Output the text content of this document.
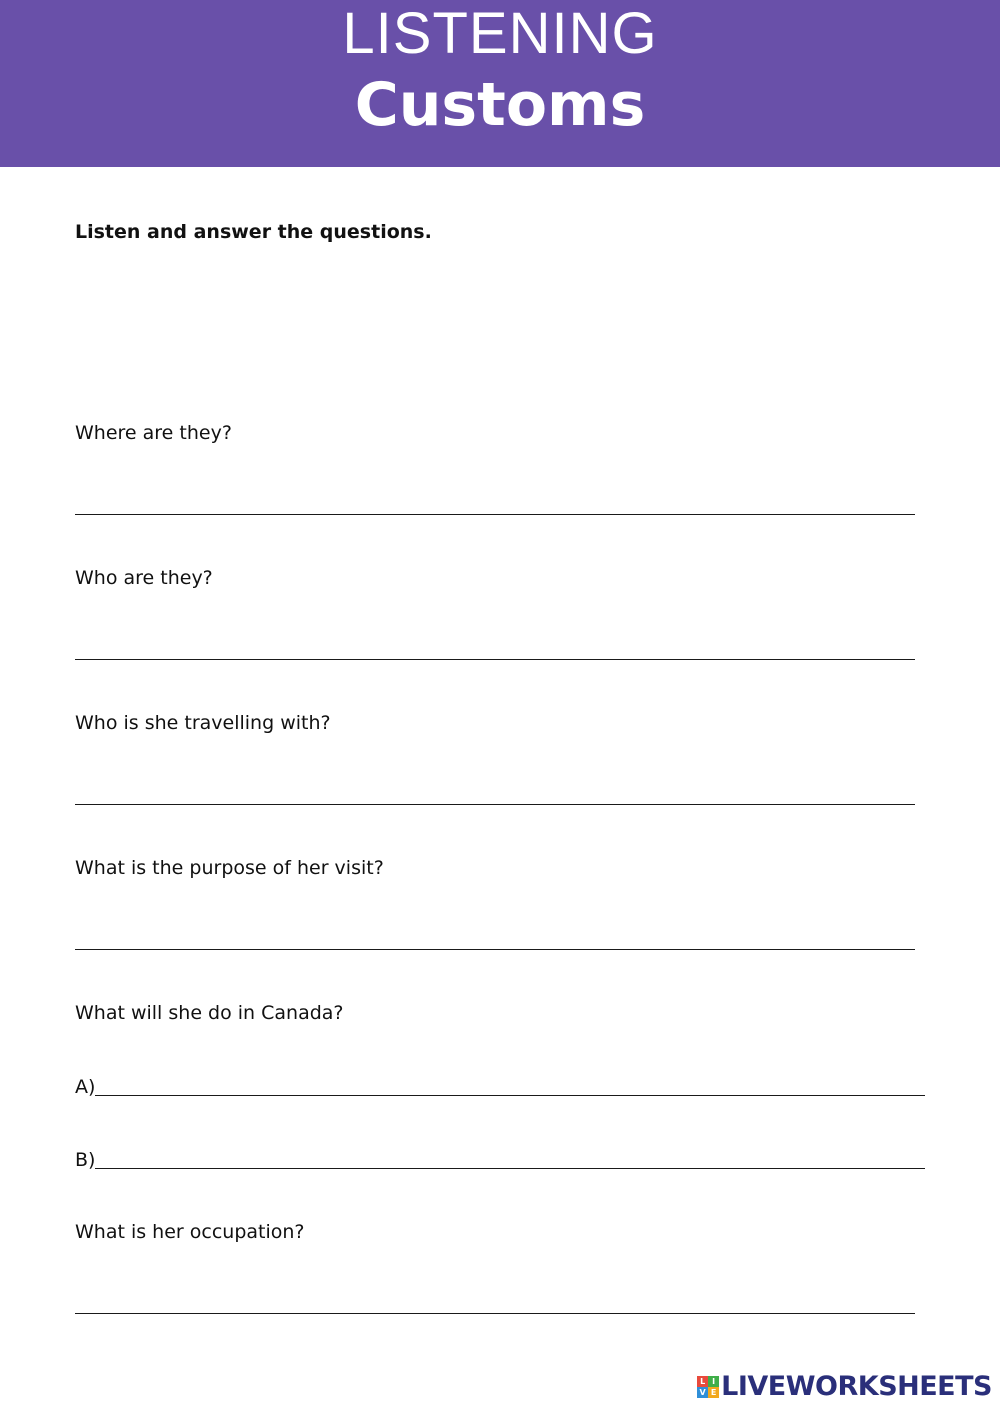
LISTENING
Customs
Listen and answer the questions.
Where are they?
Who are they?
Who is she travelling with?
What is the purpose of her visit?
What will she do in Canada?
A)
B)
What is her occupation?
L I
V E LIVEWORKSHEETS
